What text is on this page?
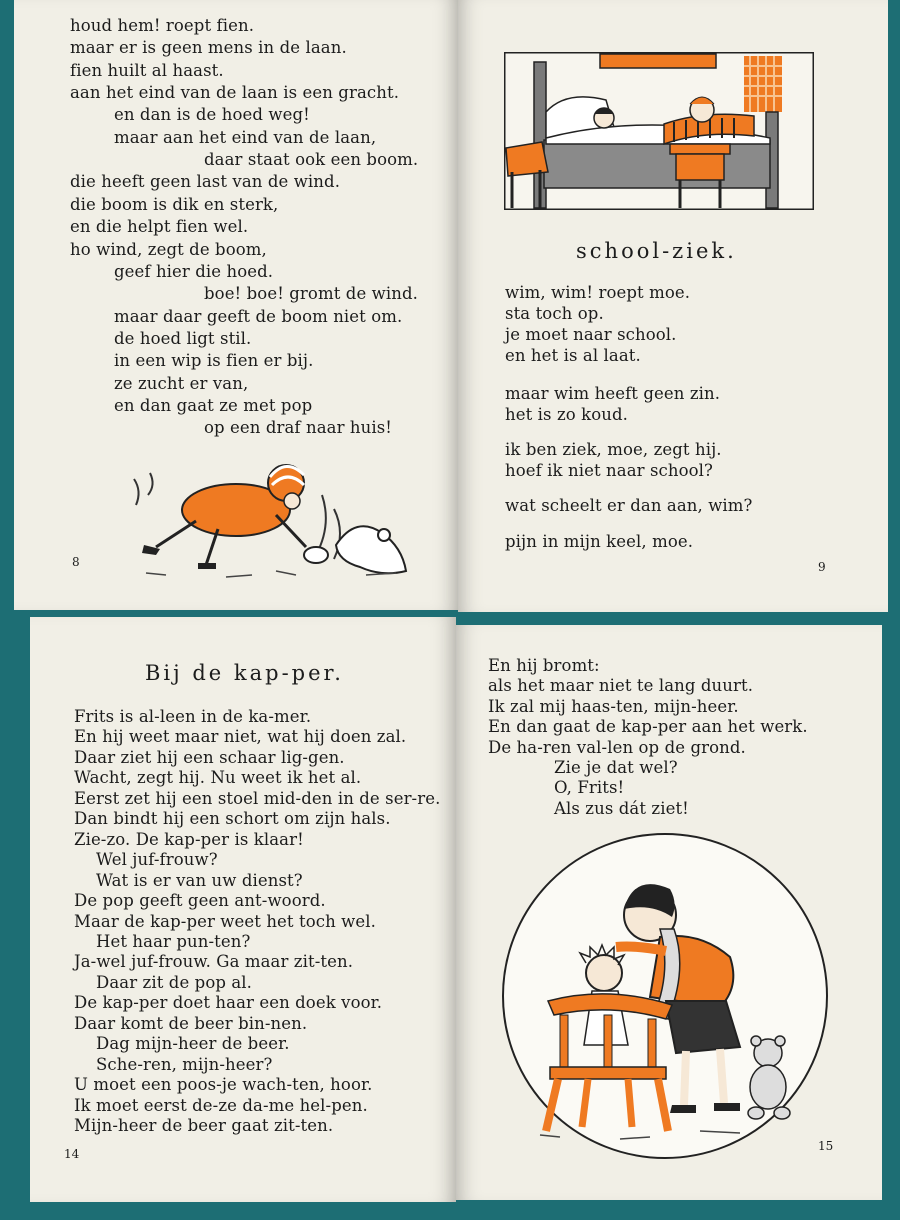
houd hem! roept fien.
maar er is geen mens in de laan.
fien huilt al haast.
aan het eind van de laan is een gracht.
en dan is de hoed weg!
maar aan het eind van de laan,
daar staat ook een boom.
die heeft geen last van de wind.
die boom is dik en sterk,
en die helpt fien wel.
ho wind, zegt de boom,
geef hier die hoed.
boe! boe! gromt de wind.
maar daar geeft de boom niet om.
de hoed ligt stil.
in een wip is fien er bij.
ze zucht er van,
en dan gaat ze met pop
op een draf naar huis!
8
school-ziek.
wim, wim! roept moe.
sta toch op.
je moet naar school.
en het is al laat.
maar wim heeft geen zin.
het is zo koud.
ik ben ziek, moe, zegt hij.
hoef ik niet naar school?
wat scheelt er dan aan, wim?
pijn in mijn keel, moe.
9
Bij de kap-per.
Frits is al-leen in de ka-mer.
En hij weet maar niet, wat hij doen zal.
Daar ziet hij een schaar lig-gen.
Wacht, zegt hij. Nu weet ik het al.
Eerst zet hij een stoel mid-den in de ser-re.
Dan bindt hij een schort om zijn hals.
Zie-zo. De kap-per is klaar!
Wel juf-frouw?
Wat is er van uw dienst?
De pop geeft geen ant-woord.
Maar de kap-per weet het toch wel.
Het haar pun-ten?
Ja-wel juf-frouw. Ga maar zit-ten.
Daar zit de pop al.
De kap-per doet haar een doek voor.
Daar komt de beer bin-nen.
Dag mijn-heer de beer.
Sche-ren, mijn-heer?
U moet een poos-je wach-ten, hoor.
Ik moet eerst de-ze da-me hel-pen.
Mijn-heer de beer gaat zit-ten.
14
En hij bromt:
als het maar niet te lang duurt.
Ik zal mij haas-ten, mijn-heer.
En dan gaat de kap-per aan het werk.
De ha-ren val-len op de grond.
Zie je dat wel?
O, Frits!
Als zus dát ziet!
15
